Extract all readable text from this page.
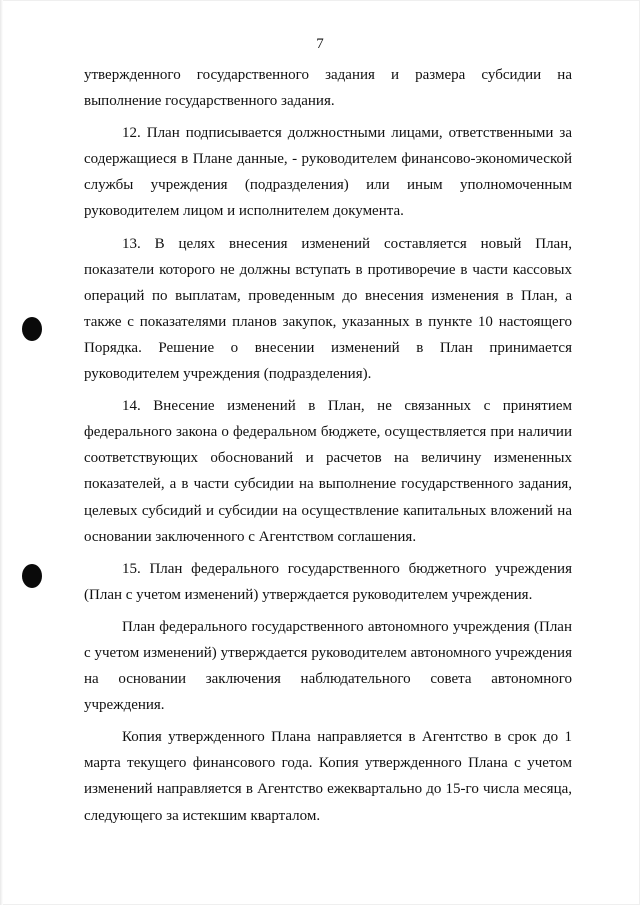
7

утвержденного государственного задания и размера субсидии на выполнение государственного задания.

12. План подписывается должностными лицами, ответственными за содержащиеся в Плане данные, - руководителем финансово-экономической службы учреждения (подразделения) или иным уполномоченным руководителем лицом и исполнителем документа.

13. В целях внесения изменений составляется новый План, показатели которого не должны вступать в противоречие в части кассовых операций по выплатам, проведенным до внесения изменения в План, а также с показателями планов закупок, указанных в пункте 10 настоящего Порядка. Решение о внесении изменений в План принимается руководителем учреждения (подразделения).

14. Внесение изменений в План, не связанных с принятием федерального закона о федеральном бюджете, осуществляется при наличии соответствующих обоснований и расчетов на величину измененных показателей, а в части субсидии на выполнение государственного задания, целевых субсидий и субсидии на осуществление капитальных вложений на основании заключенного с Агентством соглашения.

15. План федерального государственного бюджетного учреждения (План с учетом изменений) утверждается руководителем учреждения.

План федерального государственного автономного учреждения (План с учетом изменений) утверждается руководителем автономного учреждения на основании заключения наблюдательного совета автономного учреждения.

Копия утвержденного Плана направляется в Агентство в срок до 1 марта текущего финансового года. Копия утвержденного Плана с учетом изменений направляется в Агентство ежеквартально до 15-го числа месяца, следующего за истекшим кварталом.
